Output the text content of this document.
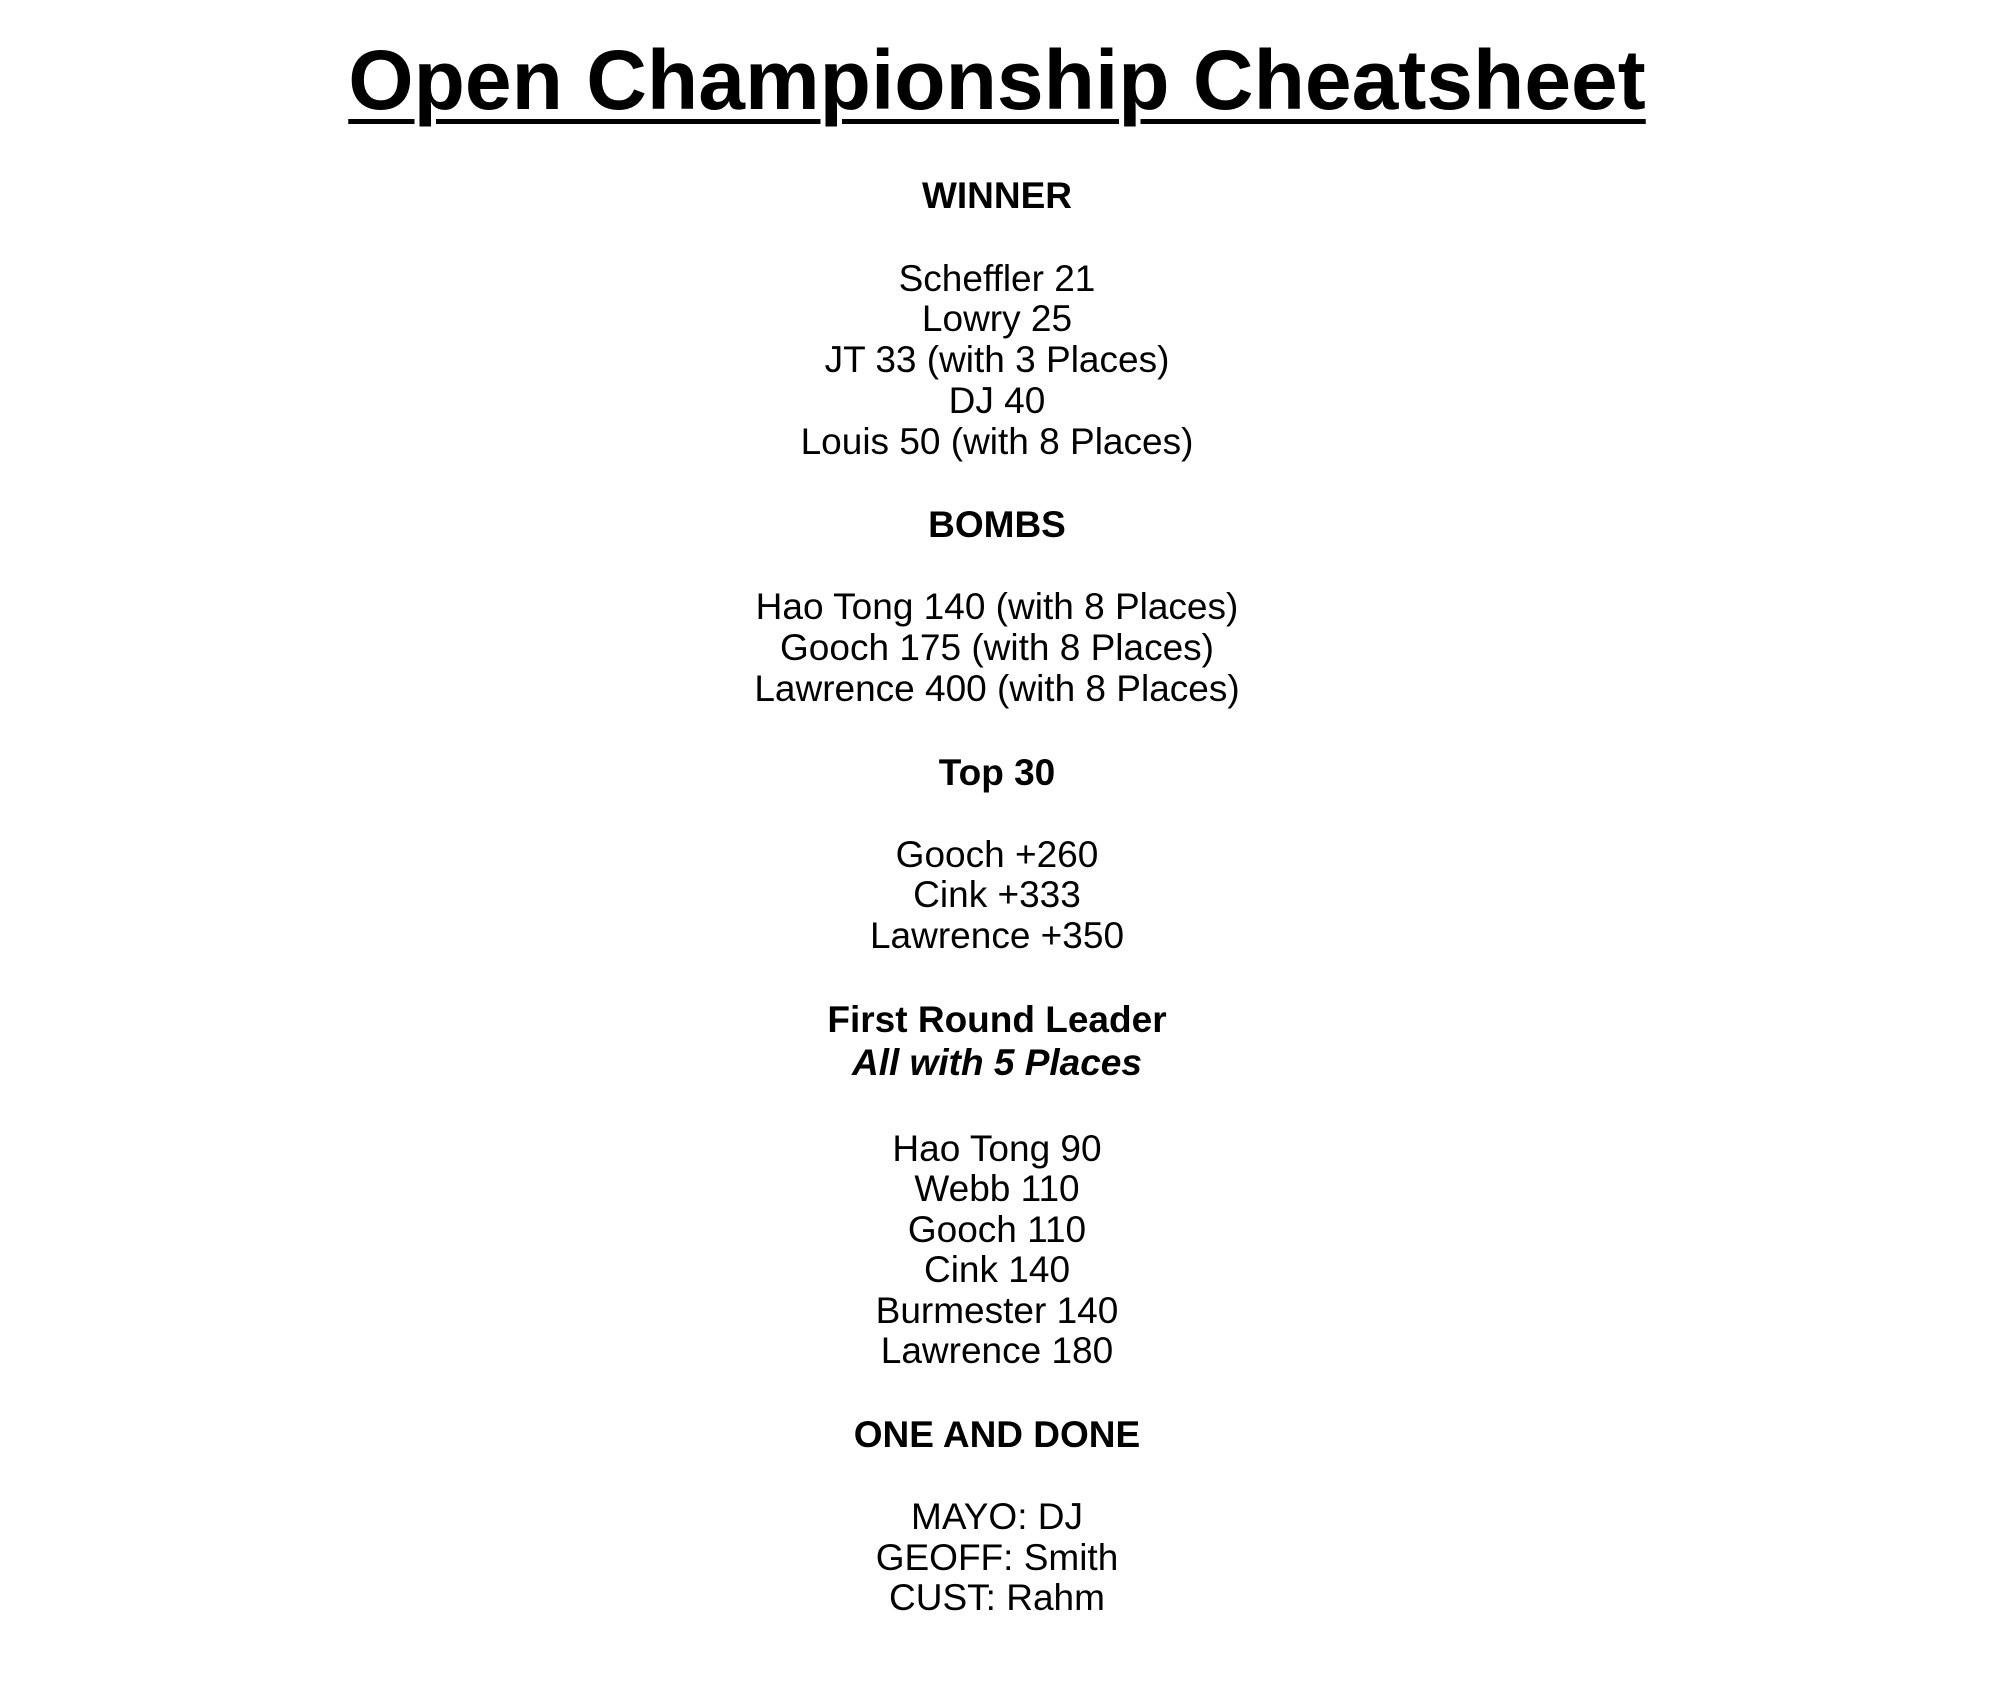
Open Championship Cheatsheet
WINNER
Scheffler 21
Lowry 25
JT 33 (with 3 Places)
DJ 40
Louis 50 (with 8 Places)
BOMBS
Hao Tong 140 (with 8 Places)
Gooch 175 (with 8 Places)
Lawrence 400 (with 8 Places)
Top 30
Gooch +260
Cink +333
Lawrence +350
First Round Leader
All with 5 Places
Hao Tong 90
Webb 110
Gooch 110
Cink 140
Burmester 140
Lawrence 180
ONE AND DONE
MAYO: DJ
GEOFF: Smith
CUST: Rahm
